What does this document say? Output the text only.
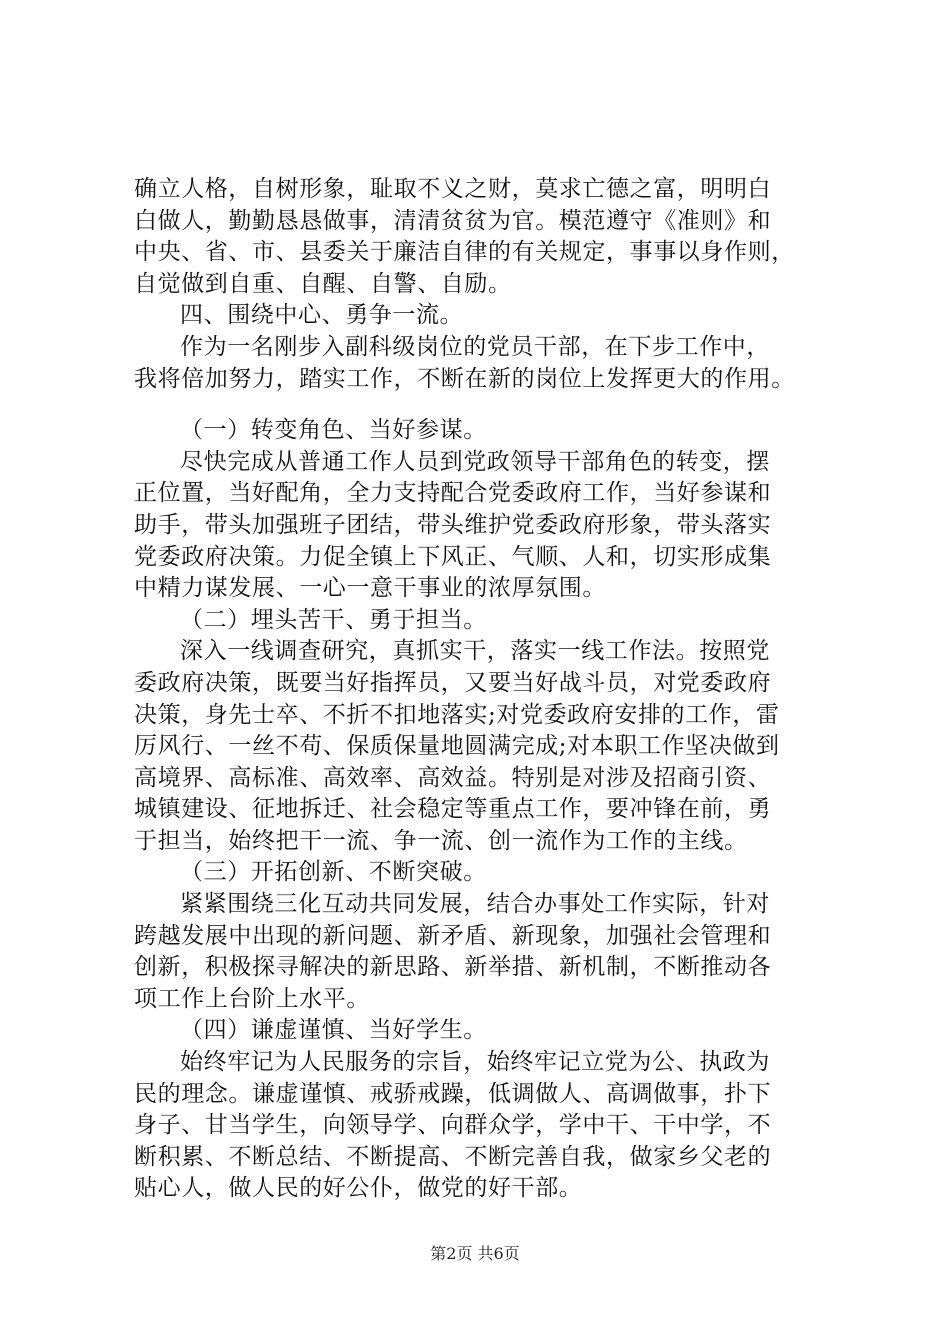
确立人格，自树形象，耻取不义之财，莫求亡德之富，明明白
白做人，勤勤恳恳做事，清清贫贫为官。模范遵守《准则》和
中央、省、市、县委关于廉洁自律的有关规定，事事以身作则，
自觉做到自重、自醒、自警、自励。
四、围绕中心、勇争一流。
作为一名刚步入副科级岗位的党员干部，在下步工作中，
我将倍加努力，踏实工作，不断在新的岗位上发挥更大的作用。
（一）转变角色、当好参谋。
尽快完成从普通工作人员到党政领导干部角色的转变，摆
正位置，当好配角，全力支持配合党委政府工作，当好参谋和
助手，带头加强班子团结，带头维护党委政府形象，带头落实
党委政府决策。力促全镇上下风正、气顺、人和，切实形成集
中精力谋发展、一心一意干事业的浓厚氛围。
（二）埋头苦干、勇于担当。
深入一线调查研究，真抓实干，落实一线工作法。按照党
委政府决策，既要当好指挥员，又要当好战斗员，对党委政府
决策，身先士卒、不折不扣地落实;对党委政府安排的工作，雷
厉风行、一丝不苟、保质保量地圆满完成;对本职工作坚决做到
高境界、高标准、高效率、高效益。特别是对涉及招商引资、
城镇建设、征地拆迁、社会稳定等重点工作，要冲锋在前，勇
于担当，始终把干一流、争一流、创一流作为工作的主线。
（三）开拓创新、不断突破。
紧紧围绕三化互动共同发展，结合办事处工作实际，针对
跨越发展中出现的新问题、新矛盾、新现象，加强社会管理和
创新，积极探寻解决的新思路、新举措、新机制，不断推动各
项工作上台阶上水平。
（四）谦虚谨慎、当好学生。
始终牢记为人民服务的宗旨，始终牢记立党为公、执政为
民的理念。谦虚谨慎、戒骄戒躁，低调做人、高调做事，扑下
身子、甘当学生，向领导学、向群众学，学中干、干中学，不
断积累、不断总结、不断提高、不断完善自我，做家乡父老的
贴心人，做人民的好公仆，做党的好干部。
第2页 共6页
